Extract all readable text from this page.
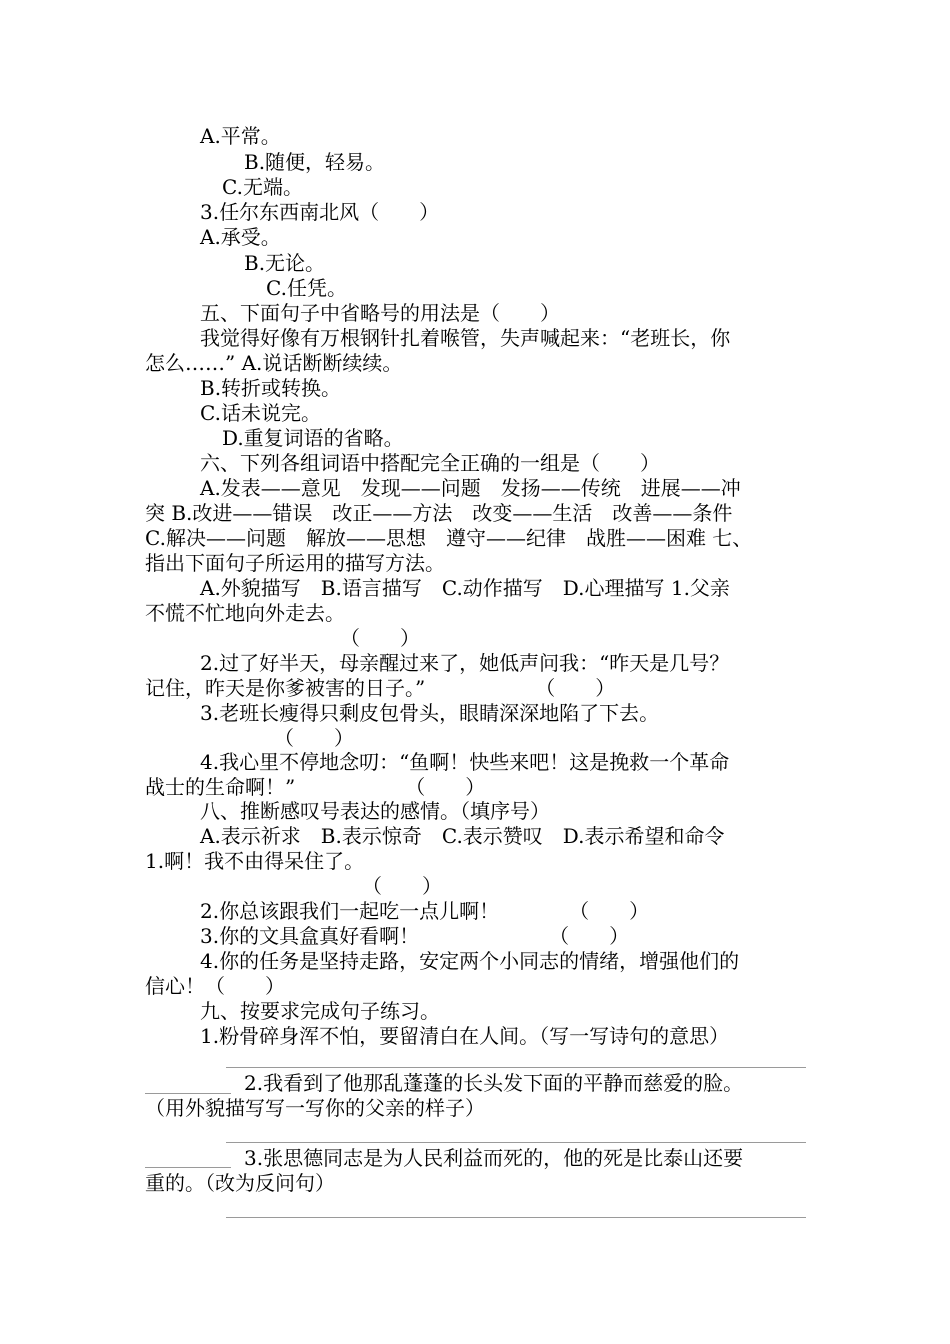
A.平常。
B.随便，轻易。
C.无端。
3.任尔东西南北风（　　）
A.承受。
B.无论。
C.任凭。
五、下面句子中省略号的用法是（　　）
我觉得好像有万根钢针扎着喉管，失声喊起来：“老班长，你
怎么……” A.说话断断续续。
B.转折或转换。
C.话未说完。
D.重复词语的省略。
六、下列各组词语中搭配完全正确的一组是（　　）
A.发表——意见　发现——问题　发扬——传统　进展——冲
突 B.改进——错误　改正——方法　改变——生活　改善——条件
C.解决——问题　解放——思想　遵守——纪律　战胜——困难 七、
指出下面句子所运用的描写方法。
A.外貌描写　B.语言描写　C.动作描写　D.心理描写 1.父亲
不慌不忙地向外走去。
（　　）
2.过了好半天，母亲醒过来了，她低声问我：“昨天是几号？
记住，昨天是你爹被害的日子。”　　　　　　（　　）
3.老班长瘦得只剩皮包骨头，眼睛深深地陷了下去。
（　　）
4.我心里不停地念叨：“鱼啊！快些来吧！这是挽救一个革命
战士的生命啊！”　　　　　　（　　）
八、推断感叹号表达的感情。（填序号）
A.表示祈求　B.表示惊奇　C.表示赞叹　D.表示希望和命令
1.啊！我不由得呆住了。
（　　）
2.你总该跟我们一起吃一点儿啊！　　　　（　　）
3.你的文具盒真好看啊！　　　　　　　（　　）
4.你的任务是坚持走路，安定两个小同志的情绪，增强他们的
信心！（　　）
九、按要求完成句子练习。
1.粉骨碎身浑不怕，要留清白在人间。（写一写诗句的意思）
2.我看到了他那乱蓬蓬的长头发下面的平静而慈爱的脸。
（用外貌描写写一写你的父亲的样子）
3.张思德同志是为人民利益而死的，他的死是比泰山还要
重的。（改为反问句）
